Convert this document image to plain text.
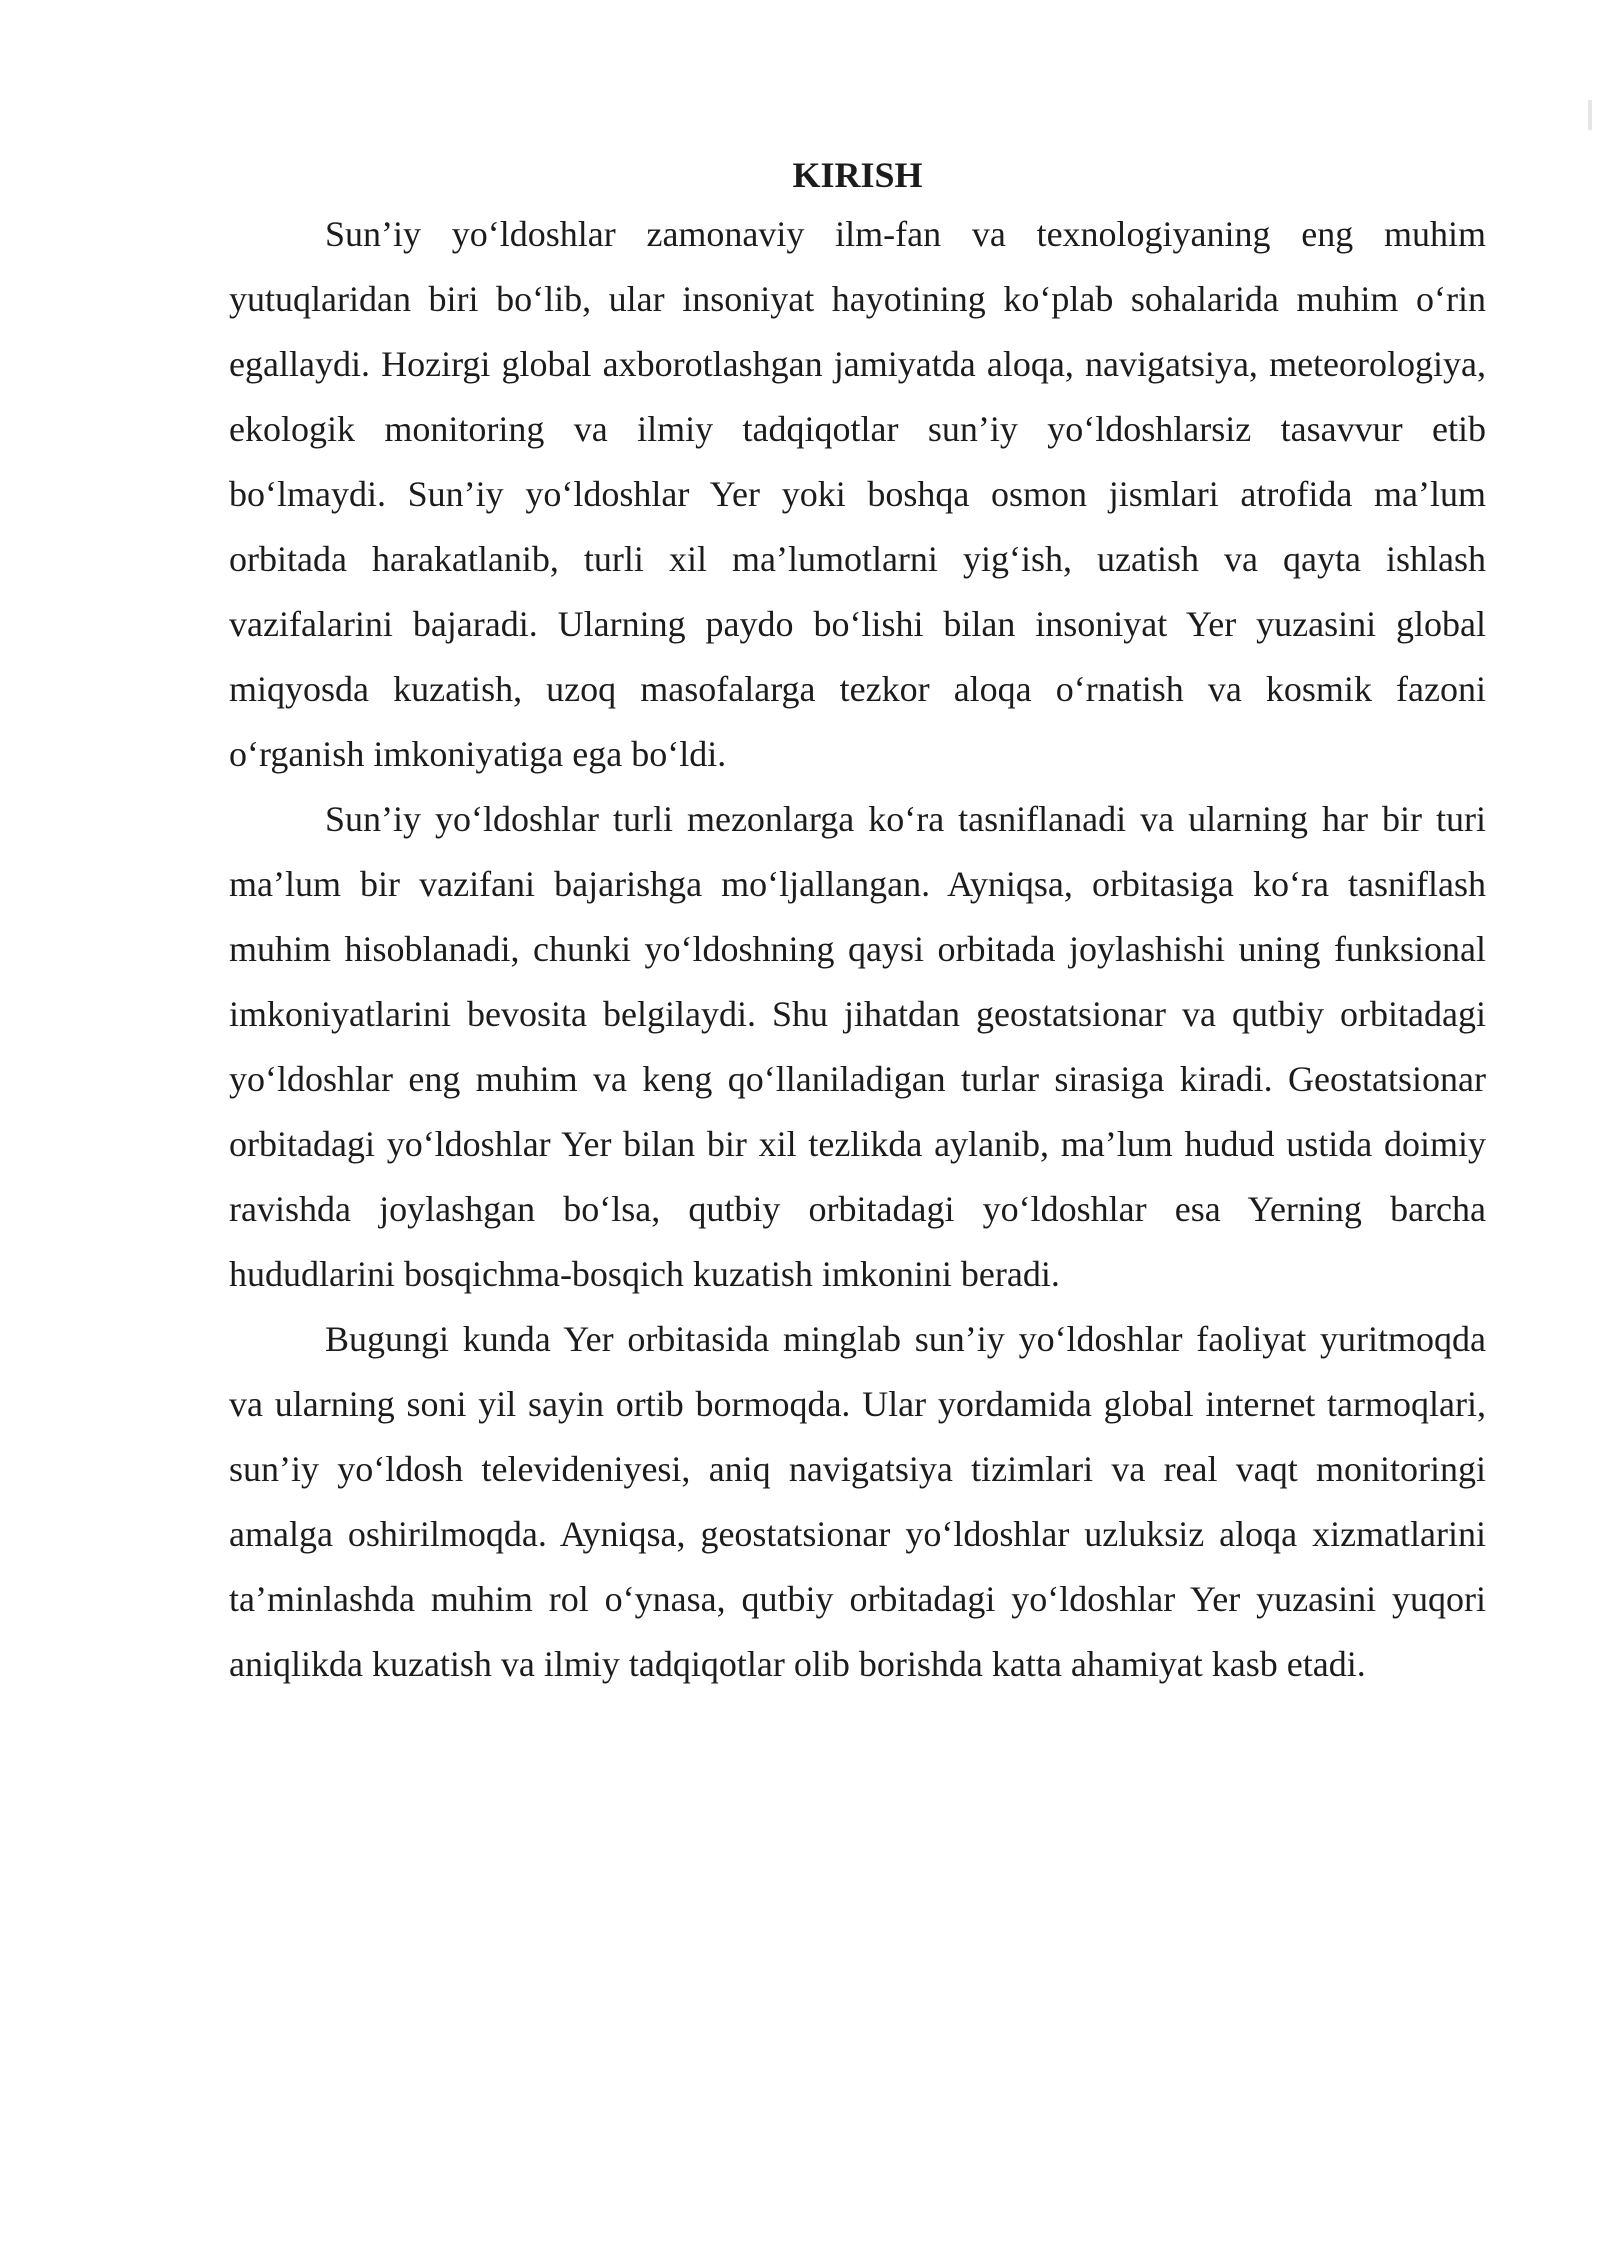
KIRISH

Sun’iy yo‘ldoshlar zamonaviy ilm-fan va texnologiyaning eng muhim yutuqlaridan biri bo‘lib, ular insoniyat hayotining ko‘plab sohalarida muhim o‘rin egallaydi. Hozirgi global axborotlashgan jamiyatda aloqa, navigatsiya, meteorologiya, ekologik monitoring va ilmiy tadqiqotlar sun’iy yo‘ldoshlarsiz tasavvur etib bo‘lmaydi. Sun’iy yo‘ldoshlar Yer yoki boshqa osmon jismlari atrofida ma’lum orbitada harakatlanib, turli xil ma’lumotlarni yig‘ish, uzatish va qayta ishlash vazifalarini bajaradi. Ularning paydo bo‘lishi bilan insoniyat Yer yuzasini global miqyosda kuzatish, uzoq masofalarga tezkor aloqa o‘rnatish va kosmik fazoni o‘rganish imkoniyatiga ega bo‘ldi.

Sun’iy yo‘ldoshlar turli mezonlarga ko‘ra tasniflanadi va ularning har bir turi ma’lum bir vazifani bajarishga mo‘ljallangan. Ayniqsa, orbitasiga ko‘ra tasniflash muhim hisoblanadi, chunki yo‘ldoshning qaysi orbitada joylashishi uning funksional imkoniyatlarini bevosita belgilaydi. Shu jihatdan geostatsionar va qutbiy orbitadagi yo‘ldoshlar eng muhim va keng qo‘llaniladigan turlar sirasiga kiradi. Geostatsionar orbitadagi yo‘ldoshlar Yer bilan bir xil tezlikda aylanib, ma’lum hudud ustida doimiy ravishda joylashgan bo‘lsa, qutbiy orbitadagi yo‘ldoshlar esa Yerning barcha hududlarini bosqichma-bosqich kuzatish imkonini beradi.

Bugungi kunda Yer orbitasida minglab sun’iy yo‘ldoshlar faoliyat yuritmoqda va ularning soni yil sayin ortib bormoqda. Ular yordamida global internet tarmoqlari, sun’iy yo‘ldosh televideniyesi, aniq navigatsiya tizimlari va real vaqt monitoringi amalga oshirilmoqda. Ayniqsa, geostatsionar yo‘ldoshlar uzluksiz aloqa xizmatlarini ta’minlashda muhim rol o‘ynasa, qutbiy orbitadagi yo‘ldoshlar Yer yuzasini yuqori aniqlikda kuzatish va ilmiy tadqiqotlar olib borishda katta ahamiyat kasb etadi.
